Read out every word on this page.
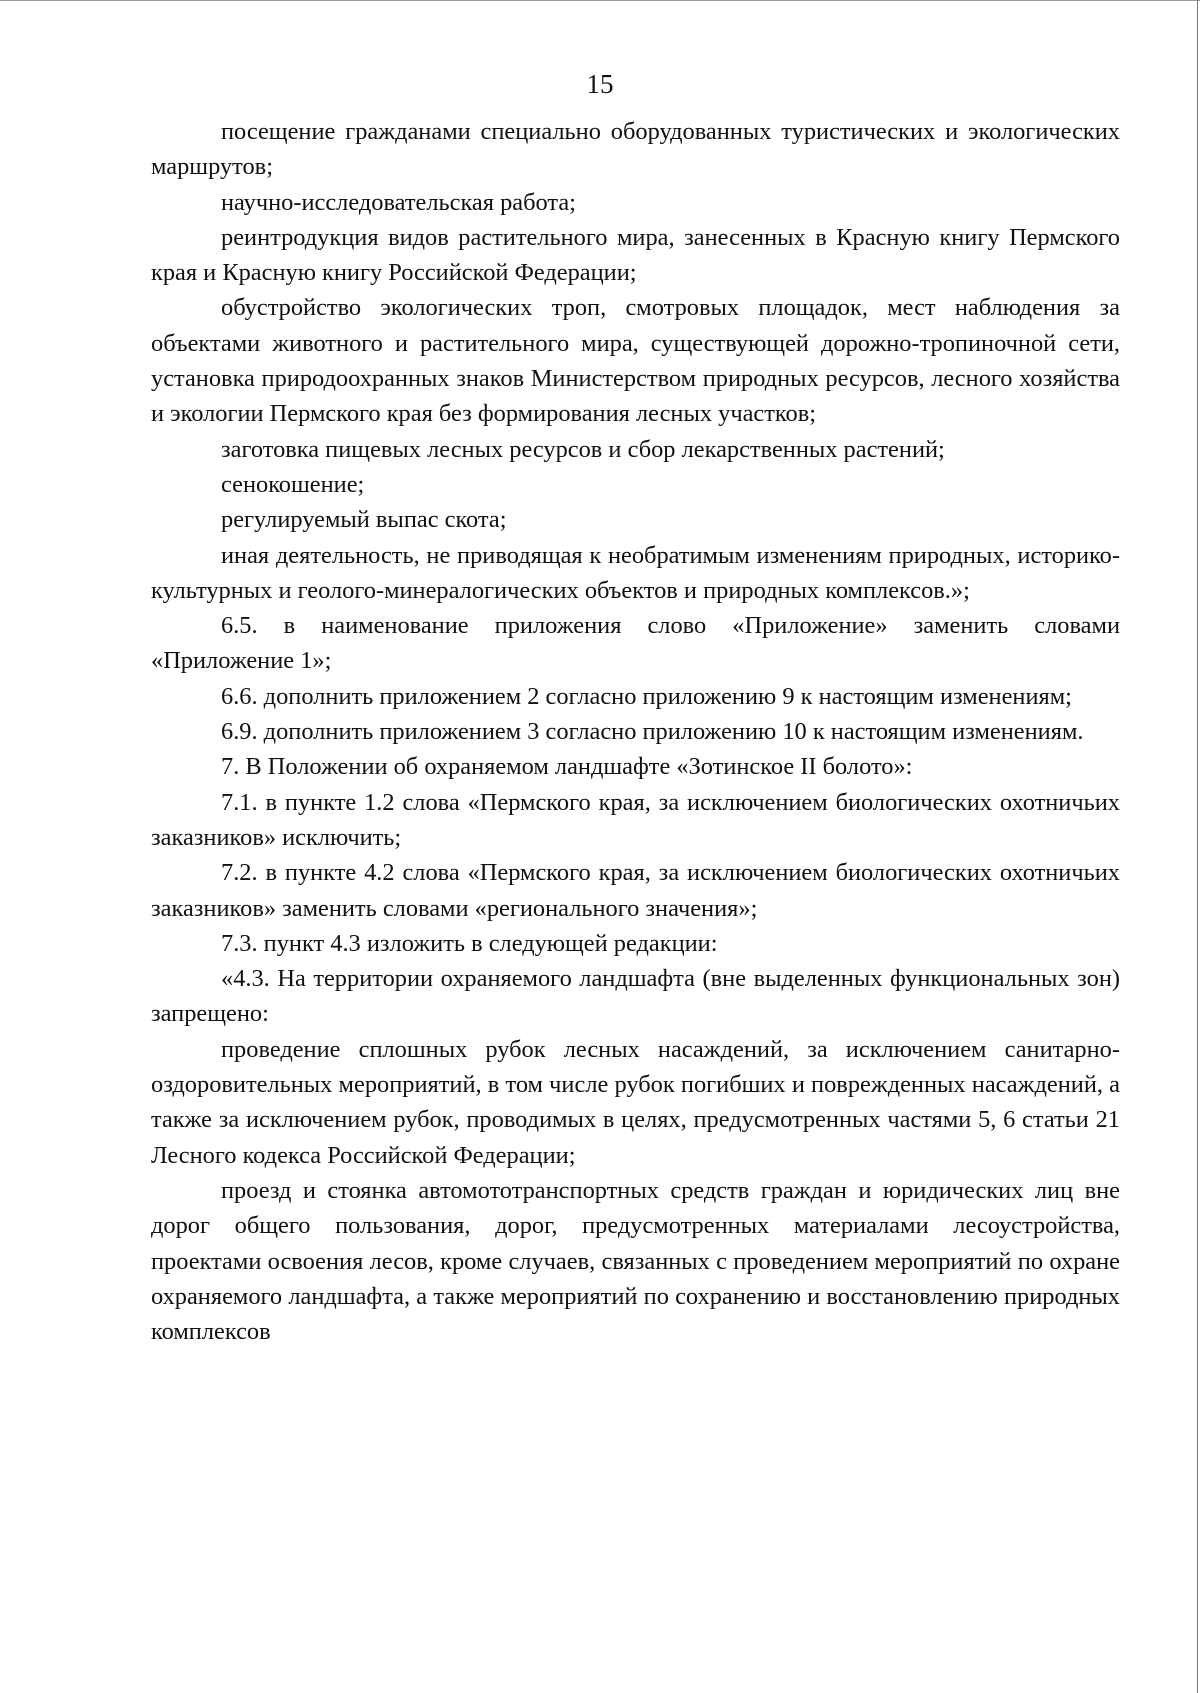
15

посещение гражданами специально оборудованных туристических и экологических маршрутов;

научно-исследовательская работа;

реинтродукция видов растительного мира, занесенных в Красную книгу Пермского края и Красную книгу Российской Федерации;

обустройство экологических троп, смотровых площадок, мест наблюдения за объектами животного и растительного мира, существующей дорожно-тропиночной сети, установка природоохранных знаков Министерством природных ресурсов, лесного хозяйства и экологии Пермского края без формирования лесных участков;

заготовка пищевых лесных ресурсов и сбор лекарственных растений;

сенокошение;

регулируемый выпас скота;

иная деятельность, не приводящая к необратимым изменениям природных, историко-культурных и геолого-минералогических объектов и природных комплексов.»;

6.5. в наименование приложения слово «Приложение» заменить словами «Приложение 1»;

6.6. дополнить приложением 2 согласно приложению 9 к настоящим изменениям;

6.9. дополнить приложением 3 согласно приложению 10 к настоящим изменениям.

7. В Положении об охраняемом ландшафте «Зотинское II болото»:

7.1. в пункте 1.2 слова «Пермского края, за исключением биологических охотничьих заказников» исключить;

7.2. в пункте 4.2 слова «Пермского края, за исключением биологических охотничьих заказников» заменить словами «регионального значения»;

7.3. пункт 4.3 изложить в следующей редакции:

«4.3. На территории охраняемого ландшафта (вне выделенных функциональных зон) запрещено:

проведение сплошных рубок лесных насаждений, за исключением санитарно-оздоровительных мероприятий, в том числе рубок погибших и поврежденных насаждений, а также за исключением рубок, проводимых в целях, предусмотренных частями 5, 6 статьи 21 Лесного кодекса Российской Федерации;

проезд и стоянка автомототранспортных средств граждан и юридических лиц вне дорог общего пользования, дорог, предусмотренных материалами лесоустройства, проектами освоения лесов, кроме случаев, связанных с проведением мероприятий по охране охраняемого ландшафта, а также мероприятий по сохранению и восстановлению природных комплексов
